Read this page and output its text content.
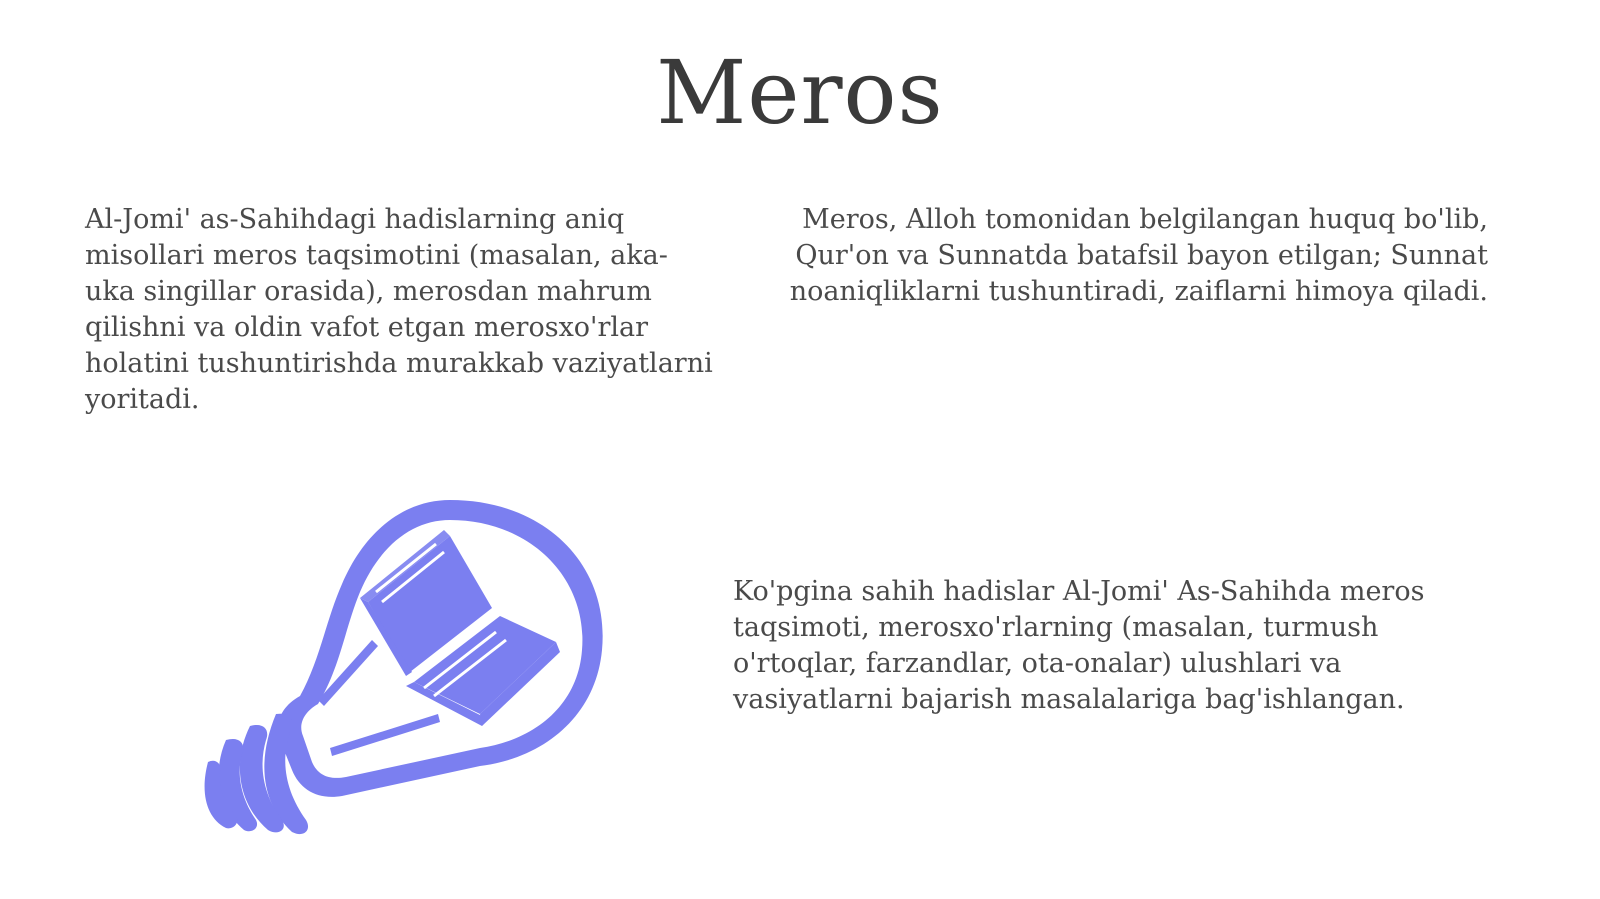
Meros

Al-Jomi' as-Sahihdagi hadislarning aniq misollari meros taqsimotini (masalan, aka-uka singillar orasida), merosdan mahrum qilishni va oldin vafot etgan merosxo'rlar holatini tushuntirishda murakkab vaziyatlarni yoritadi.

Meros, Alloh tomonidan belgilangan huquq bo'lib, Qur'on va Sunnatda batafsil bayon etilgan; Sunnat noaniqliklarni tushuntiradi, zaiflarni himoya qiladi.

Ko'pgina sahih hadislar Al-Jomi' As-Sahihda meros taqsimoti, merosxo'rlarning (masalan, turmush o'rtoqlar, farzandlar, ota-onalar) ulushlari va vasiyatlarni bajarish masalalariga bag'ishlangan.
